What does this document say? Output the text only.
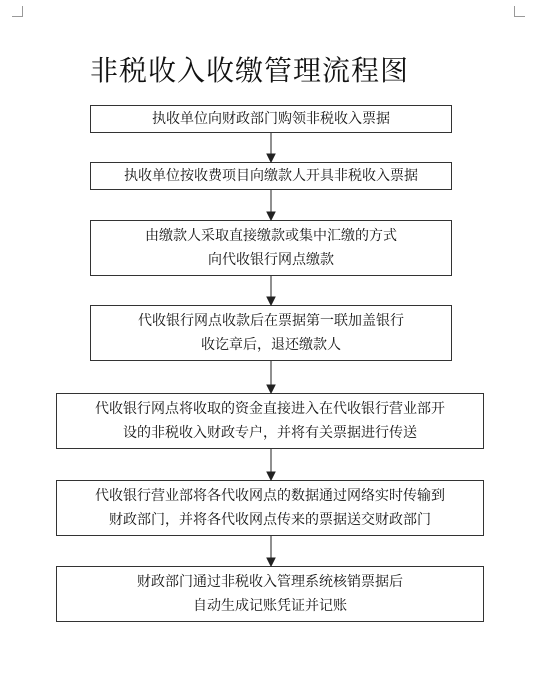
非税收入收缴管理流程图
执收单位向财政部门购领非税收入票据
执收单位按收费项目向缴款人开具非税收入票据
由缴款人采取直接缴款或集中汇缴的方式
向代收银行网点缴款
代收银行网点收款后在票据第一联加盖银行
收讫章后，退还缴款人
代收银行网点将收取的资金直接进入在代收银行营业部开
设的非税收入财政专户，并将有关票据进行传送
代收银行营业部将各代收网点的数据通过网络实时传输到
财政部门，并将各代收网点传来的票据送交财政部门
财政部门通过非税收入管理系统核销票据后
自动生成记账凭证并记账
